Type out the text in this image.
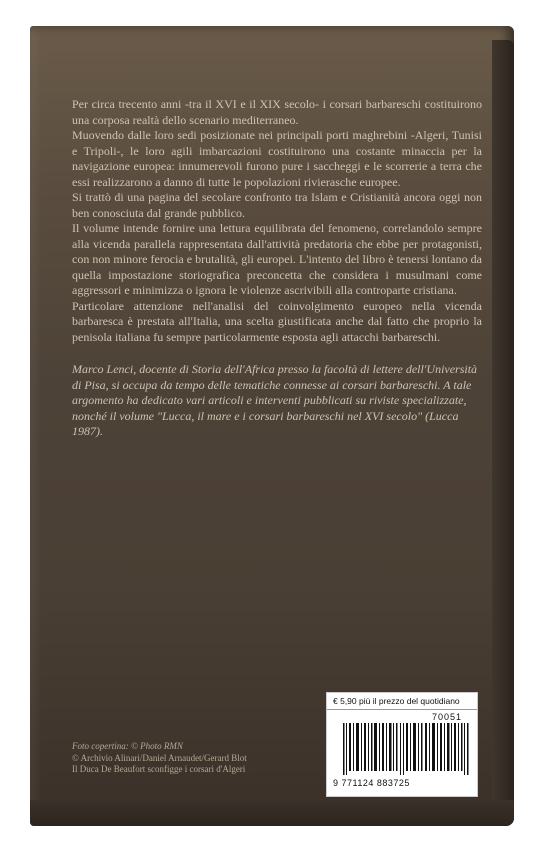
Per circa trecento anni -tra il XVI e il XIX secolo- i corsari barbareschi costituirono una corposa realtà dello scenario mediterraneo.

Muovendo dalle loro sedi posizionate nei principali porti maghrebini -Algeri, Tunisi e Tripoli-, le loro agili imbarcazioni costituirono una costante minaccia per la navigazione europea: innumerevoli furono pure i saccheggi e le scorrerie a terra che essi realizzarono a danno di tutte le popolazioni rivierasche europee.

Si trattò di una pagina del secolare confronto tra Islam e Cristianità ancora oggi non ben conosciuta dal grande pubblico.

Il volume intende fornire una lettura equilibrata del fenomeno, correlandolo sempre alla vicenda parallela rappresentata dall'attività predatoria che ebbe per protagonisti, con non minore ferocia e brutalità, gli europei. L'intento del libro è tenersi lontano da quella impostazione storiografica preconcetta che considera i musulmani come aggressori e minimizza o ignora le violenze ascrivibili alla controparte cristiana.

Particolare attenzione nell'analisi del coinvolgimento europeo nella vicenda barbaresca è prestata all'Italia, una scelta giustificata anche dal fatto che proprio la penisola italiana fu sempre particolarmente esposta agli attacchi barbareschi.

Marco Lenci, docente di Storia dell'Africa presso la facoltà di lettere dell'Università di Pisa, si occupa da tempo delle tematiche connesse ai corsari barbareschi. A tale argomento ha dedicato vari articoli e interventi pubblicati su riviste specializzate, nonché il volume "Lucca, il mare e i corsari barbareschi nel XVI secolo" (Lucca 1987).
Foto copertina: © Photo RMN
© Archivio Alinari/Daniel Arnaudet/Gerard Blot
Il Duca De Beaufort sconfigge i corsari d'Algeri
€ 5,90 più il prezzo del quotidiano
70051
9 771124 883725
